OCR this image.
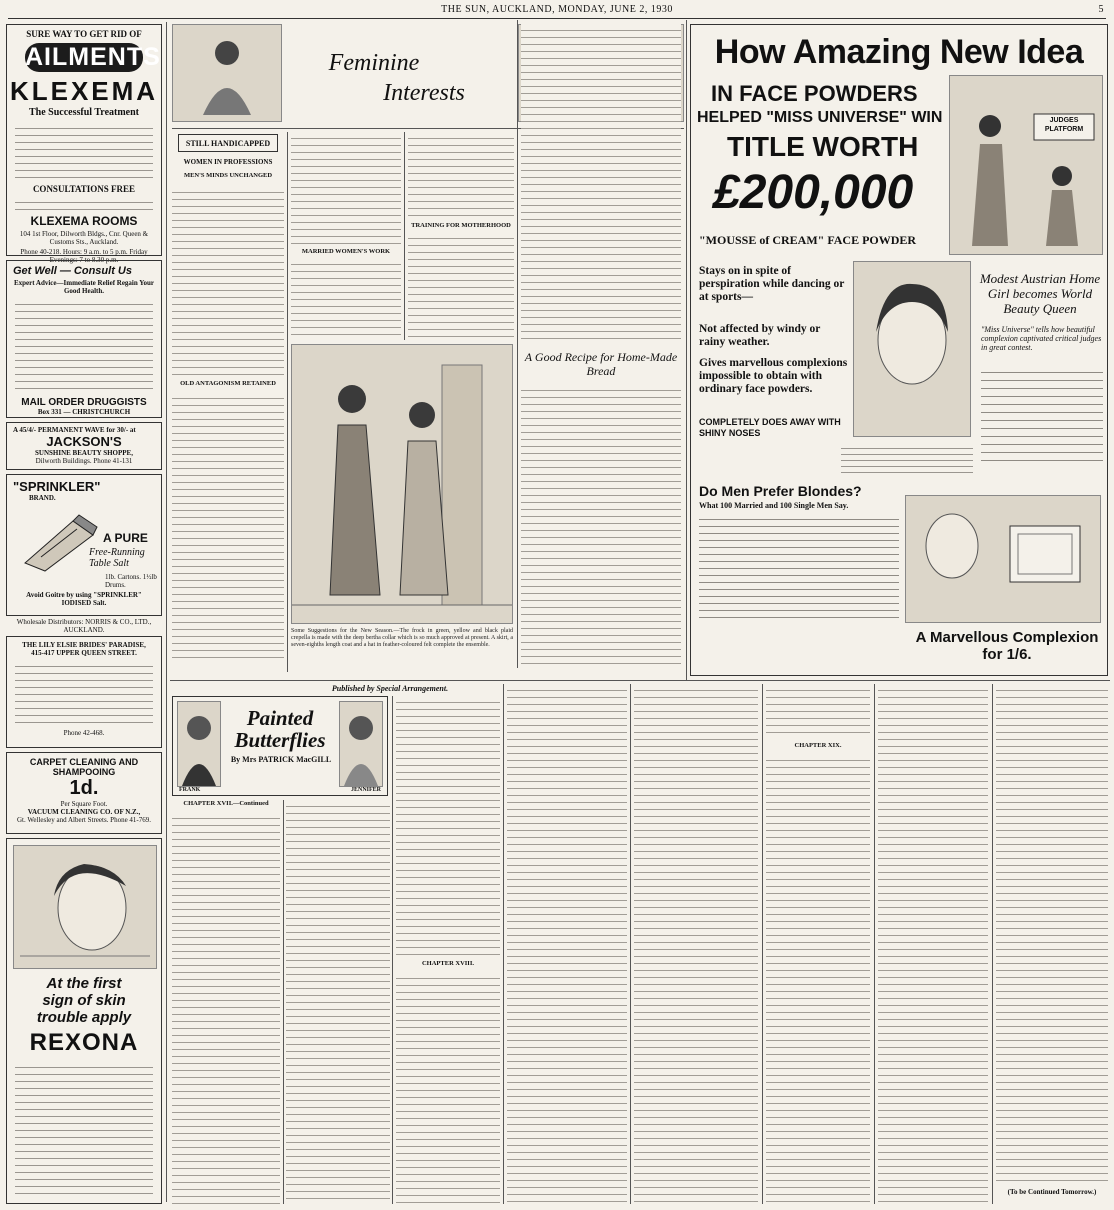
THE SUN, AUCKLAND, MONDAY, JUNE 2, 1930	5
SURE WAY TO GET RID OF
AILMENTS
KLEXEMA
The Successful Treatment
CONSULTATIONS FREE
KLEXEMA ROOMS
104 1st Floor, Dilworth Bldgs., Cnr. Queen & Customs Sts., Auckland.
Phone 40-218. Hours: 9 a.m. to 5 p.m. Friday Evenings: 7 to 8.30 p.m.
Get Well — Consult Us
Expert Advice—Immediate Relief Regain Your Good Health.
MAIL ORDER DRUGGISTS
Box 331 — CHRISTCHURCH
A 45/4/- PERMANENT WAVE for 30/- at
JACKSON'S
SUNSHINE BEAUTY SHOPPE,
Dilworth Buildings. Phone 41-131
"SPRINKLER"
BRAND.
A PURE
Free-Running Table Salt
1lb. Cartons. 1½lb Drums.
Avoid Goitre by using "SPRINKLER" IODISED Salt.
Wholesale Distributors: NORRIS & CO., LTD., AUCKLAND.
THE LILY ELSIE BRIDES' PARADISE,
415-417 UPPER QUEEN STREET.
Phone 42-468.
CARPET CLEANING AND SHAMPOOING
1d.
Per Square Foot.
VACUUM CLEANING CO. OF N.Z.,
Gt. Wellesley and Albert Streets. Phone 41-769.
At the first
sign of skin
trouble apply
REXONA
Feminine
Interests
STILL HANDICAPPED
WOMEN IN PROFESSIONS
MEN'S MINDS UNCHANGED
OLD ANTAGONISM RETAINED
MARRIED WOMEN'S WORK
TRAINING FOR MOTHERHOOD
A Good Recipe for Home-Made Bread
Some Suggestions for the New Season.—The frock in green, yellow and black plaid crepella is made with the deep bertha collar which is so much approved at present. A skirt, a seven-eighths length coat and a hat in feather-coloured felt complete the ensemble.
How Amazing New Idea
IN FACE POWDERS
HELPED "MISS UNIVERSE" WIN
TITLE WORTH
£200,000
JUDGES PLATFORM
"MOUSSE of CREAM" FACE POWDER
Stays on in spite of perspiration while dancing or at sports—
Not affected by windy or rainy weather.
Gives marvellous complexions impossible to obtain with ordinary face powders.
COMPLETELY DOES AWAY WITH SHINY NOSES
Modest Austrian Home Girl becomes World Beauty Queen
"Miss Universe" tells how beautiful complexion captivated critical judges in great contest.
Do Men Prefer Blondes?
What 100 Married and 100 Single Men Say.
A Marvellous Complexion for 1/6.
Published by Special Arrangement.
Painted Butterflies
By Mrs PATRICK MacGILL
FRANK	JENNIFER
CHAPTER XVII.—Continued
CHAPTER XVIII.
CHAPTER XIX.
(To be Continued Tomorrow.)
